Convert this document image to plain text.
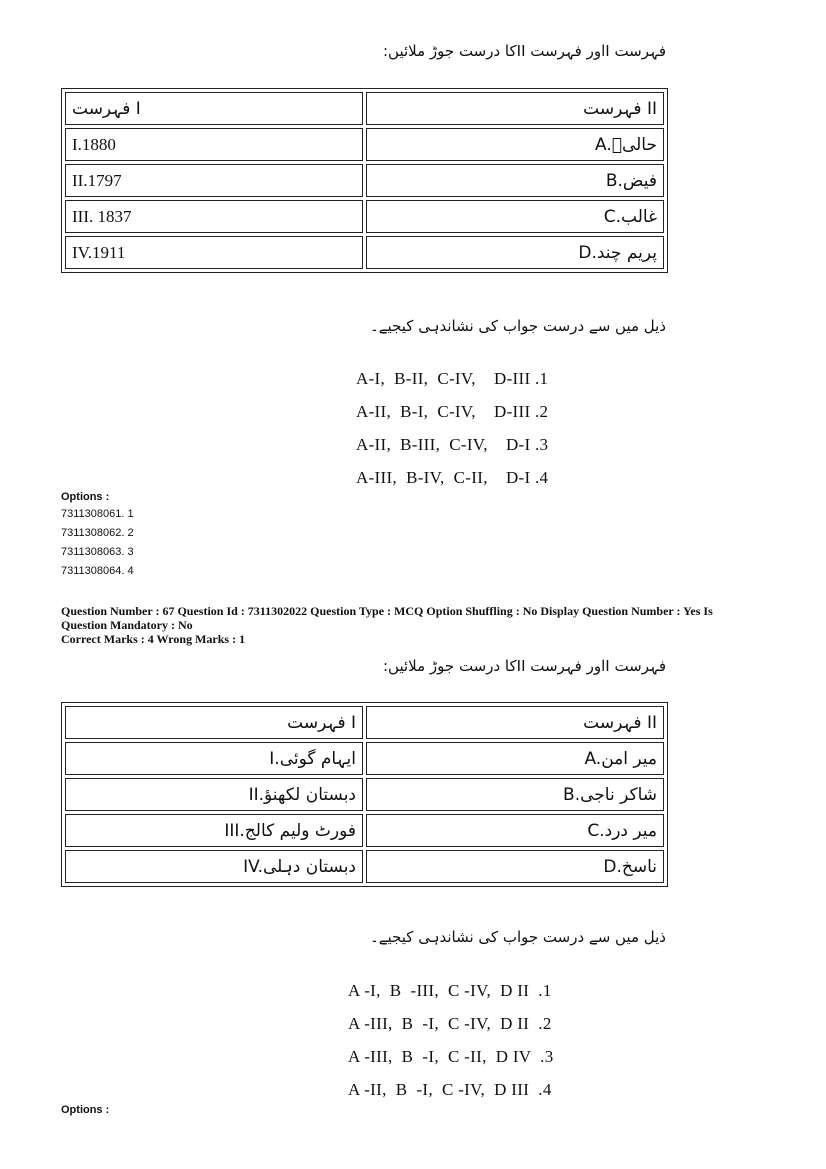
فہرست Iاور فہرست IIکا درست جوڑ ملائیں:
فہرست I	فہرست II
I.1880	A.حالیؔ
II.1797	B.فیض
III. 1837	C.غالب
IV.1911	D.پریم چند
ذیل میں سے درست جواب کی نشاندہی کیجیے۔
A-I,  B-II,  C-IV,    D-III .1
A-II,  B-I,  C-IV,    D-III .2
A-II,  B-III,  C-IV,    D-I .3
A-III,  B-IV,  C-II,    D-I .4
Options :
7311308061. 1
7311308062. 2
7311308063. 3
7311308064. 4
Question Number : 67 Question Id : 7311302022 Question Type : MCQ Option Shuffling : No Display Question Number : Yes Is Question Mandatory : No
Correct Marks : 4 Wrong Marks : 1
فہرست Iاور فہرست IIکا درست جوڑ ملائیں:
فہرست I	فہرست II
I.ایہام گوئی	A.میر امن
II.دبستان لکھنؤ	B.شاکر ناجی
III.فورٹ ولیم کالج	C.میر درد
IV.دبستان دہلی	D.ناسخ
ذیل میں سے درست جواب کی نشاندہی کیجیے۔
A -I,  B  -III,  C -IV,  D II  .1
A -III,  B  -I,  C -IV,  D II  .2
A -III,  B  -I,  C -II,  D IV  .3
A -II,  B  -I,  C -IV,  D III  .4
Options :
